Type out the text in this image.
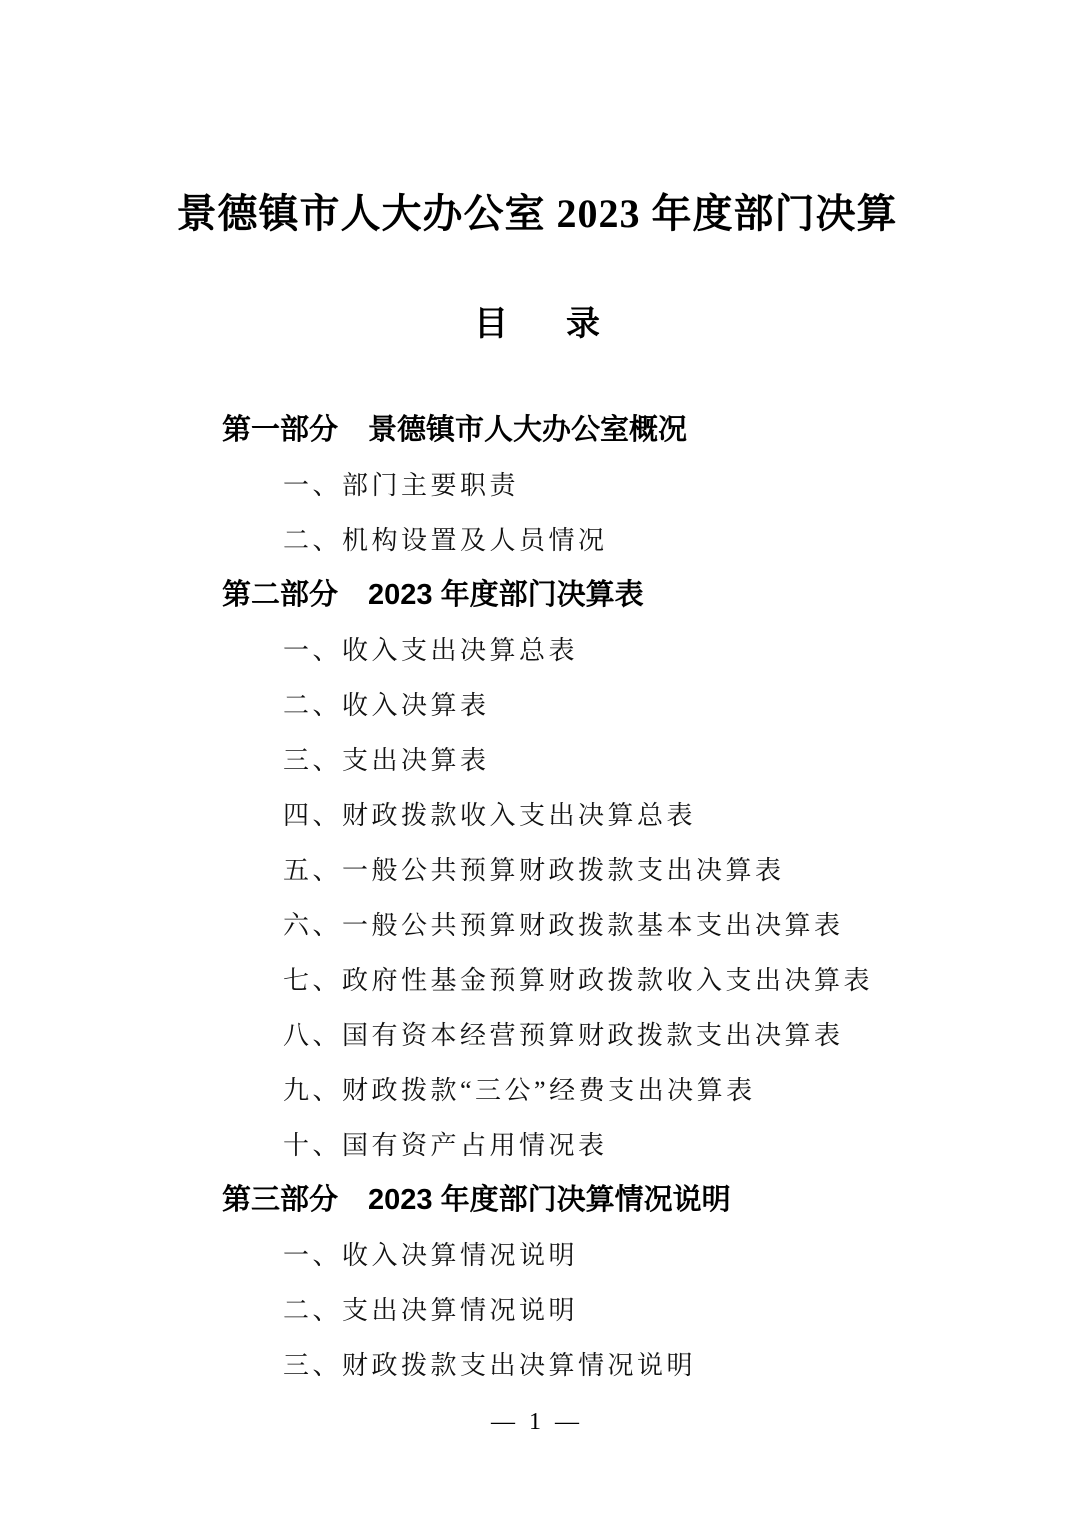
景德镇市人大办公室 2023 年度部门决算
目 录
第一部分 景德镇市人大办公室概况
一、部门主要职责
二、机构设置及人员情况
第二部分 2023 年度部门决算表
一、收入支出决算总表
二、收入决算表
三、支出决算表
四、财政拨款收入支出决算总表
五、一般公共预算财政拨款支出决算表
六、一般公共预算财政拨款基本支出决算表
七、政府性基金预算财政拨款收入支出决算表
八、国有资本经营预算财政拨款支出决算表
九、财政拨款“三公”经费支出决算表
十、国有资产占用情况表
第三部分 2023 年度部门决算情况说明
一、收入决算情况说明
二、支出决算情况说明
三、财政拨款支出决算情况说明
— 1 —
